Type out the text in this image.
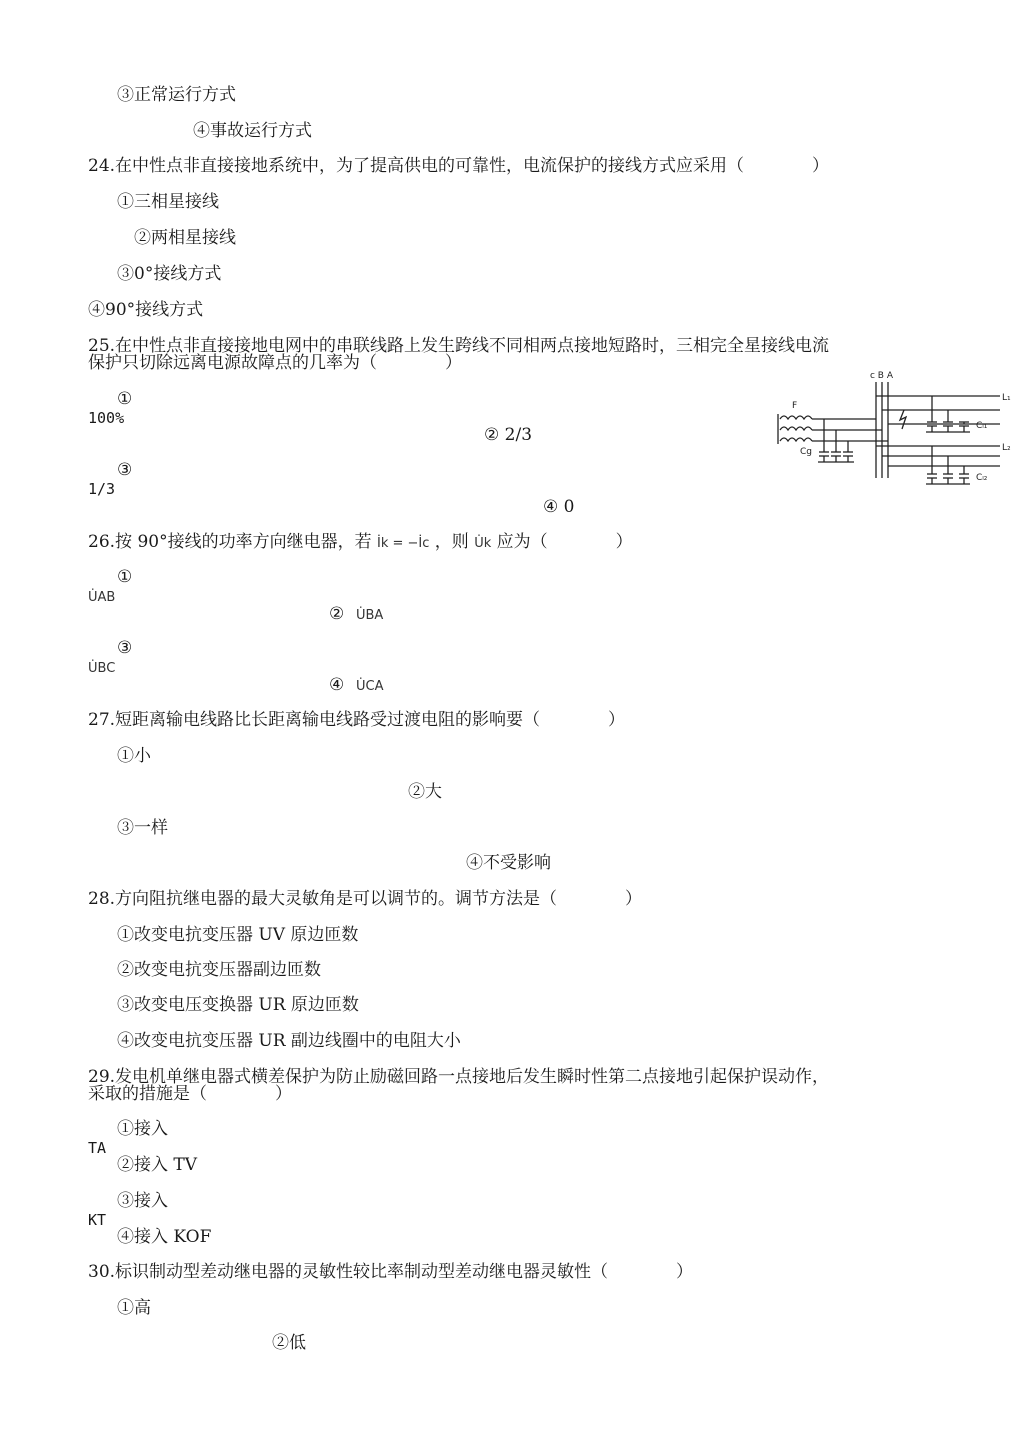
③正常运行方式
④事故运行方式
24.在中性点非直接接地系统中，为了提高供电的可靠性，电流保护的接线方式应采用（　　　　）
①三相星接线
②两相星接线
③0°接线方式
④90°接线方式
25.在中性点非直接接地电网中的串联线路上发生跨线不同相两点接地短路时，三相完全星接线电流
保护只切除远离电源故障点的几率为（　　　　）
①
100%
② 2/3
③
1/3
④ 0
c B A
F
Cg
L₁
Cₗ₁
L₂
Cₗ₂
26.按 90°接线的功率方向继电器，若 İk = −İc ，则 U̇k 应为（　　　　）
①
U̇AB
② U̇BA
③
U̇BC
④ U̇CA
27.短距离输电线路比长距离输电线路受过渡电阻的影响要（　　　　）
①小
②大
③一样
④不受影响
28.方向阻抗继电器的最大灵敏角是可以调节的。调节方法是（　　　　）
①改变电抗变压器 UV 原边匝数
②改变电抗变压器副边匝数
③改变电压变换器 UR 原边匝数
④改变电抗变压器 UR 副边线圈中的电阻大小
29.发电机单继电器式横差保护为防止励磁回路一点接地后发生瞬时性第二点接地引起保护误动作，
采取的措施是（　　　　）
①接入
TA
②接入 TV
③接入
KT
④接入 KOF
30.标识制动型差动继电器的灵敏性较比率制动型差动继电器灵敏性（　　　　）
①高
②低
